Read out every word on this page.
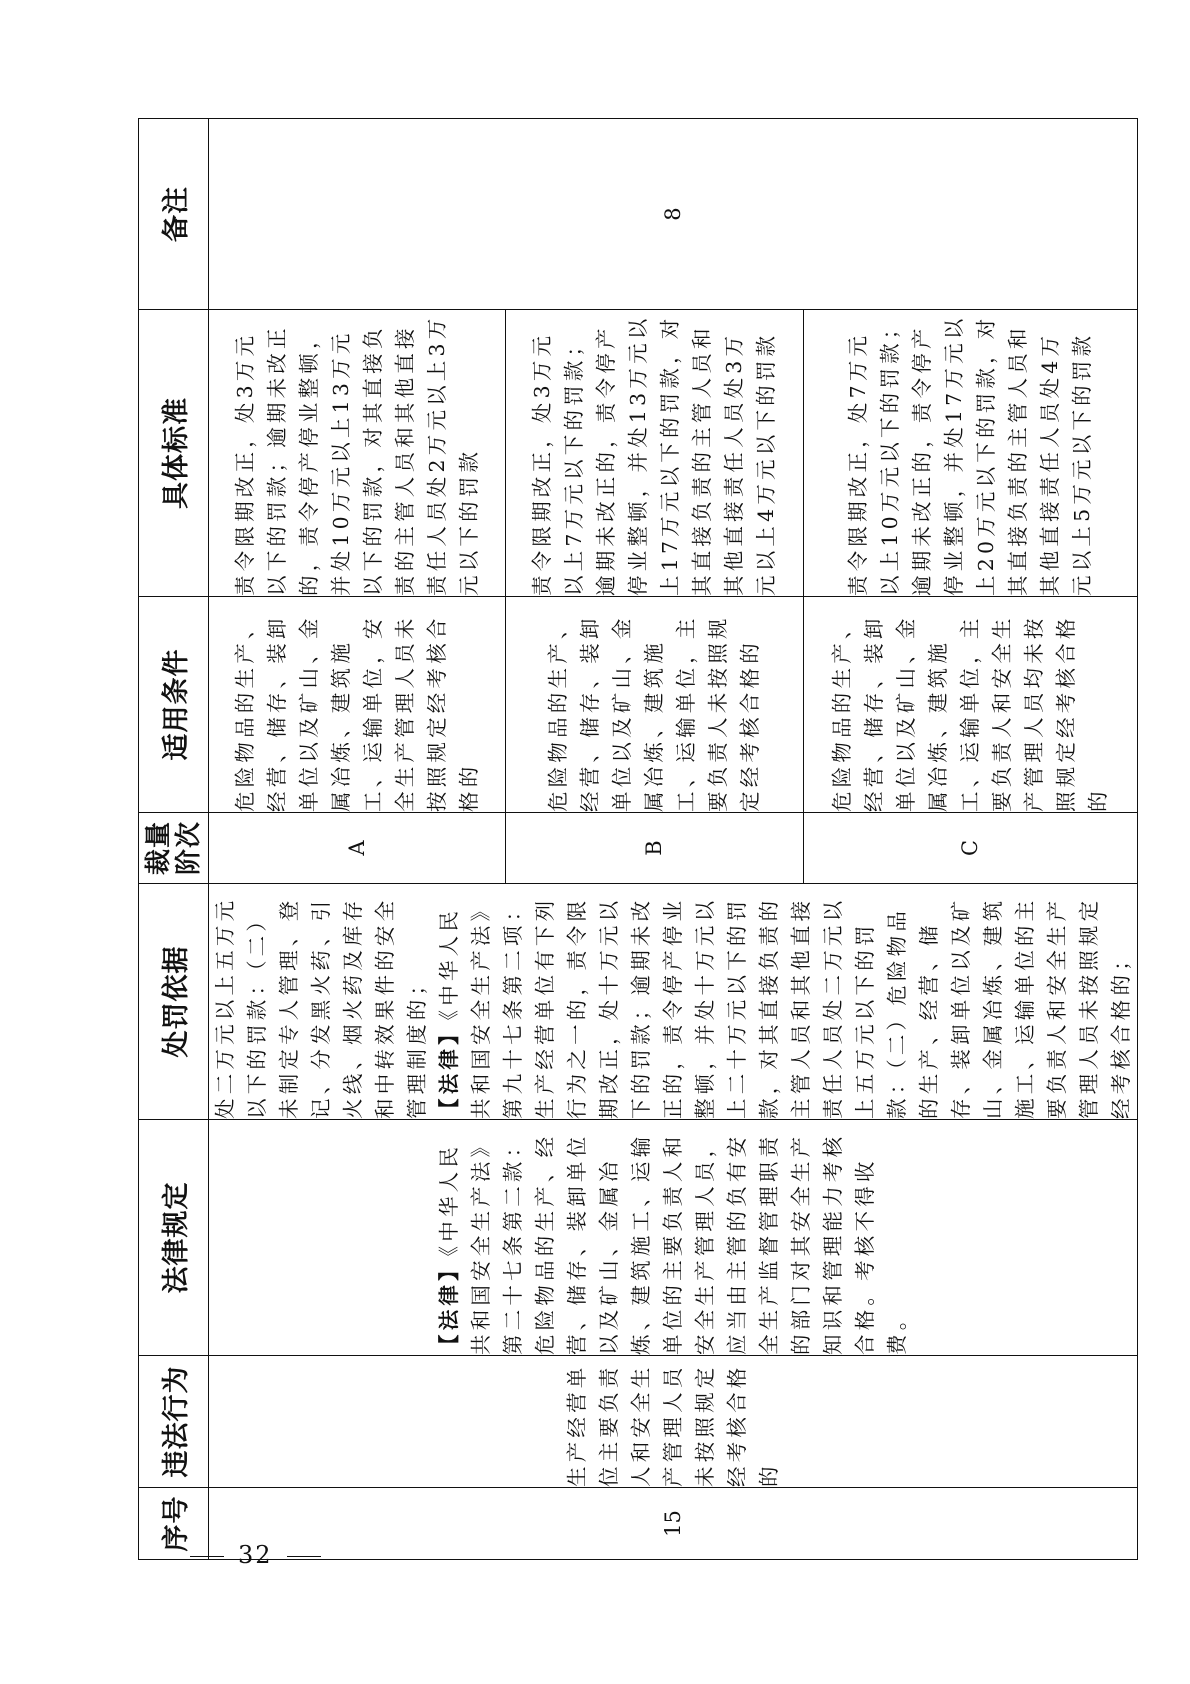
序号	违法行为	法律规定	处罚依据	裁量阶次	适用条件	具体标准	备注
15	生产经营单位主要负责人和安全生产管理人员未按照规定经考核合格的	【法律】《中华人民共和国安全生产法》第二十七条第二款：危险物品的生产、经营、储存、装卸单位以及矿山、金属冶炼、建筑施工、运输单位的主要负责人和安全生产管理人员，应当由主管的负有安全生产监督管理职责的部门对其安全生产知识和管理能力考核合格。考核不得收费。	处二万元以上五万元以下的罚款：（二）未制定专人管理、登记、分发黑火药、引火线、烟火药及库存和中转效果件的安全管理制度的； 【法律】《中华人民共和国安全生产法》第九十七条第二项：生产经营单位有下列行为之一的，责令限期改正，处十万元以下的罚款；逾期未改正的，责令停产停业整顿，并处十万元以上二十万元以下的罚款，对其直接负责的主管人员和其他直接责任人员处二万元以上五万元以下的罚款：（二）危险物品的生产、经营、储存、装卸单位以及矿山、金属冶炼、建筑施工、运输单位的主要负责人和安全生产管理人员未按照规定经考核合格的；	A	危险物品的生产、经营、储存、装卸单位以及矿山、金属冶炼、建筑施工、运输单位，安全生产管理人员未按照规定经考核合格的	责令限期改正，处3万元以下的罚款；逾期未改正的，责令停产停业整顿，并处10万元以上13万元以下的罚款，对其直接负责的主管人员和其他直接责任人员处2万元以上3万元以下的罚款	8
				B	危险物品的生产、经营、储存、装卸单位以及矿山、金属冶炼、建筑施工、运输单位，主要负责人未按照规定经考核合格的	责令限期改正，处3万元以上7万元以下的罚款；逾期未改正的，责令停产停业整顿，并处13万元以上17万元以下的罚款，对其直接负责的主管人员和其他直接责任人员处3万元以上4万元以下的罚款	
				C	危险物品的生产、经营、储存、装卸单位以及矿山、金属冶炼、建筑施工、运输单位，主要负责人和安全生产管理人员均未按照规定经考核合格的	责令限期改正，处7万元以上10万元以下的罚款；逾期未改正的，责令停产停业整顿，并处17万元以上20万元以下的罚款，对其直接负责的主管人员和其他直接责任人员处4万元以上5万元以下的罚款	
32
